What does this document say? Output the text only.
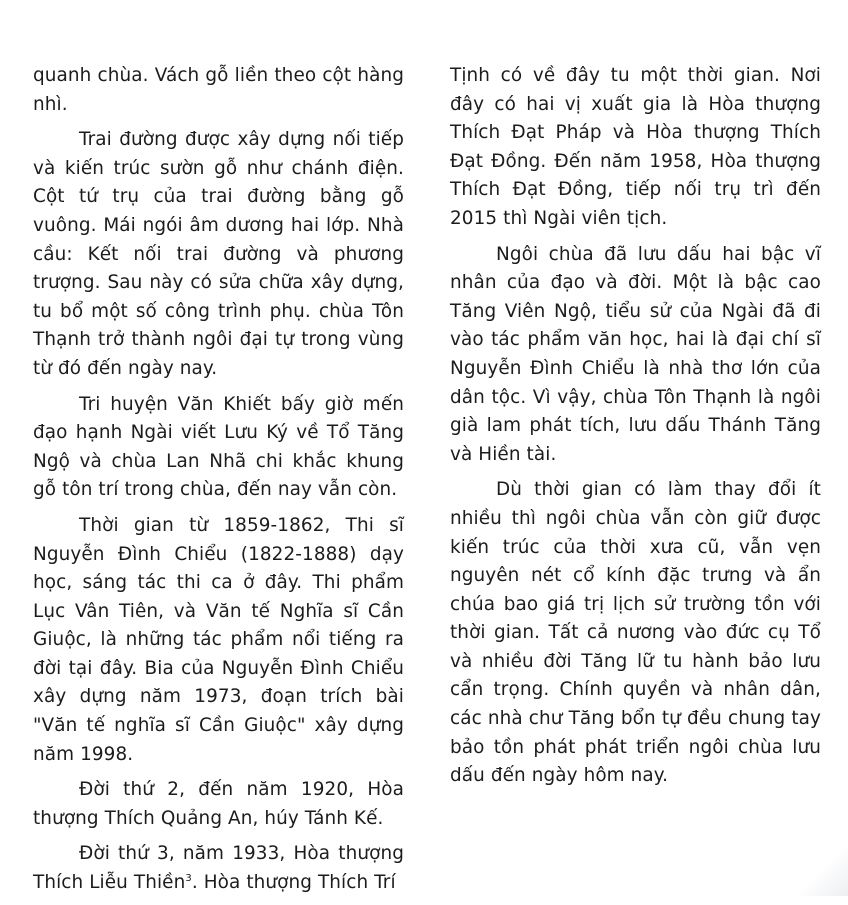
quanh chùa. Vách gỗ liền theo cột hàng nhì.

Trai đường được xây dựng nối tiếp và kiến trúc sườn gỗ như chánh điện. Cột tứ trụ của trai đường bằng gỗ vuông. Mái ngói âm dương hai lớp. Nhà cầu: Kết nối trai đường và phương trượng. Sau này có sửa chữa xây dựng, tu bổ một số công trình phụ. chùa Tôn Thạnh trở thành ngôi đại tự trong vùng từ đó đến ngày nay.

Tri huyện Văn Khiết bấy giờ mến đạo hạnh Ngài viết Lưu Ký về Tổ Tăng Ngộ và chùa Lan Nhã chi khắc khung gỗ tôn trí trong chùa, đến nay vẫn còn.

Thời gian từ 1859-1862, Thi sĩ Nguyễn Đình Chiểu (1822-1888) dạy học, sáng tác thi ca ở đây. Thi phẩm Lục Vân Tiên, và Văn tế Nghĩa sĩ Cần Giuộc, là những tác phẩm nổi tiếng ra đời tại đây. Bia của Nguyễn Đình Chiểu xây dựng năm 1973, đoạn trích bài "Văn tế nghĩa sĩ Cần Giuộc" xây dựng năm 1998.

Đời thứ 2, đến năm 1920, Hòa thượng Thích Quảng An, húy Tánh Kế.

Đời thứ 3, năm 1933, Hòa thượng Thích Liễu Thiền$^3$. Hòa thượng Thích Trí

Tịnh có về đây tu một thời gian. Nơi đây có hai vị xuất gia là Hòa thượng Thích Đạt Pháp và Hòa thượng Thích Đạt Đồng. Đến năm 1958, Hòa thượng Thích Đạt Đồng, tiếp nối trụ trì đến 2015 thì Ngài viên tịch.

Ngôi chùa đã lưu dấu hai bậc vĩ nhân của đạo và đời. Một là bậc cao Tăng Viên Ngộ, tiểu sử của Ngài đã đi vào tác phẩm văn học, hai là đại chí sĩ Nguyễn Đình Chiểu là nhà thơ lớn của dân tộc. Vì vậy, chùa Tôn Thạnh là ngôi già lam phát tích, lưu dấu Thánh Tăng và Hiền tài.

Dù thời gian có làm thay đổi ít nhiều thì ngôi chùa vẫn còn giữ được kiến trúc của thời xưa cũ, vẫn vẹn nguyên nét cổ kính đặc trưng và ẩn chúa bao giá trị lịch sử trường tồn với thời gian. Tất cả nương vào đức cụ Tổ và nhiều đời Tăng lữ tu hành bảo lưu cẩn trọng. Chính quyền và nhân dân, các nhà chư Tăng bổn tự đều chung tay bảo tồn phát phát triển ngôi chùa lưu dấu đến ngày hôm nay.
